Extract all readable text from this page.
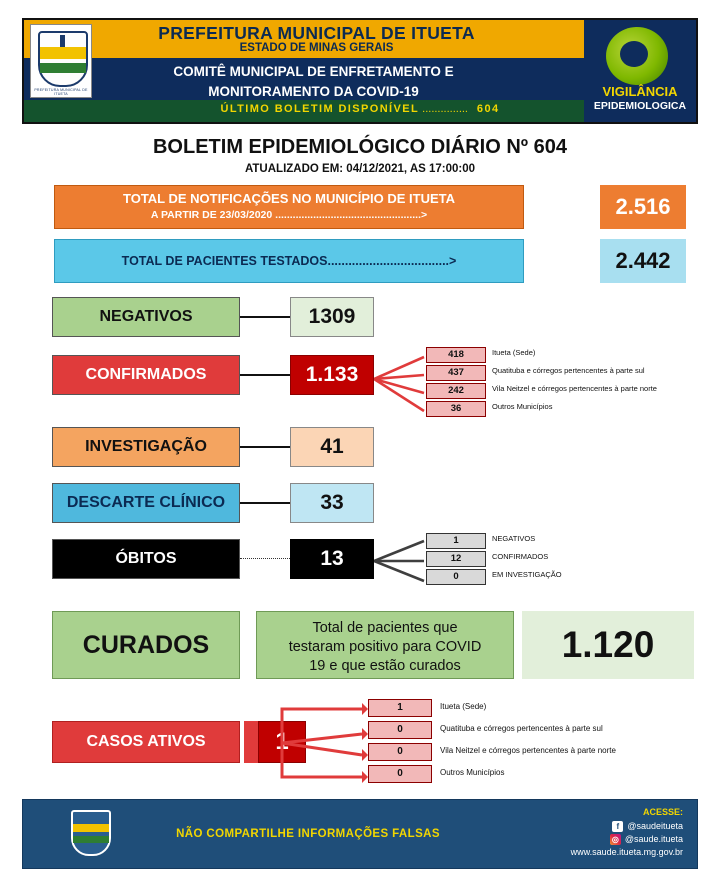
PREFEITURA MUNICIPAL DE ITUETA
PREFEITURA MUNICIPAL DE ITUETA
ESTADO DE MINAS GERAIS
COMITÊ MUNICIPAL DE ENFRETAMENTO E
MONITORAMENTO DA COVID-19
ÚLTIMO BOLETIM DISPONÍVEL ............... 604
VIGILÂNCIA
EPIDEMIOLOGICA
BOLETIM EPIDEMIOLÓGICO DIÁRIO Nº 604
ATUALIZADO EM: 04/12/2021, AS 17:00:00
TOTAL DE NOTIFICAÇÕES NO MUNICÍPIO DE ITUETA
A PARTIR DE 23/03/2020 ..................................................>	2.516
TOTAL DE PACIENTES TESTADOS...................................>	2.442
NEGATIVOS	1309
CONFIRMADOS	1.133
418	Itueta (Sede)
437	Quatituba e córregos pertencentes à parte sul
242	Vila Neitzel e córregos pertencentes à parte norte
36	Outros Municípios
INVESTIGAÇÃO	41
DESCARTE CLÍNICO	33
ÓBITOS	13
1	NEGATIVOS
12	CONFIRMADOS
0	EM INVESTIGAÇÃO
CURADOS
Total de pacientes que
testaram positivo para COVID
19 e que estão curados
1.120
CASOS ATIVOS	1
1	Itueta (Sede)
0	Quatituba e córregos pertencentes à parte sul
0	Vila Neitzel e córregos pertencentes à parte norte
0	Outros Municípios
NÃO COMPARTILHE INFORMAÇÕES FALSAS
ACESSE:
f @saudeitueta
◎ @saude.itueta
www.saude.itueta.mg.gov.br
